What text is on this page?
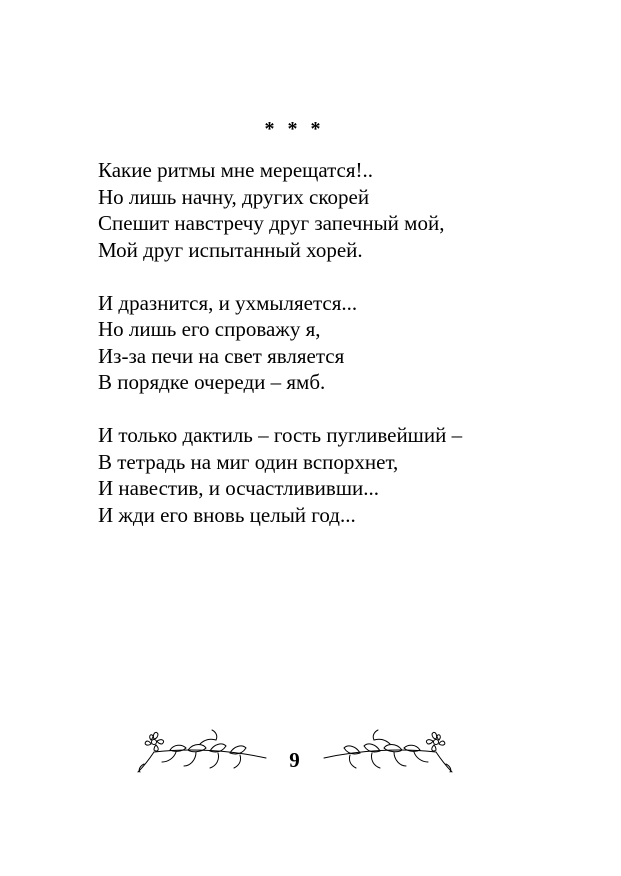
* * *
Какие ритмы мне мерещатся!..
Но лишь начну, других скорей
Спешит навстречу друг запечный мой,
Мой друг испытанный хорей.
И дразнится, и ухмыляется...
Но лишь его спроважу я,
Из-за печи на свет является
В порядке очереди – ямб.
И только дактиль – гость пугливейший –
В тетрадь на миг один вспорхнет,
И навестив, и осчастлививши...
И жди его вновь целый год...
9
